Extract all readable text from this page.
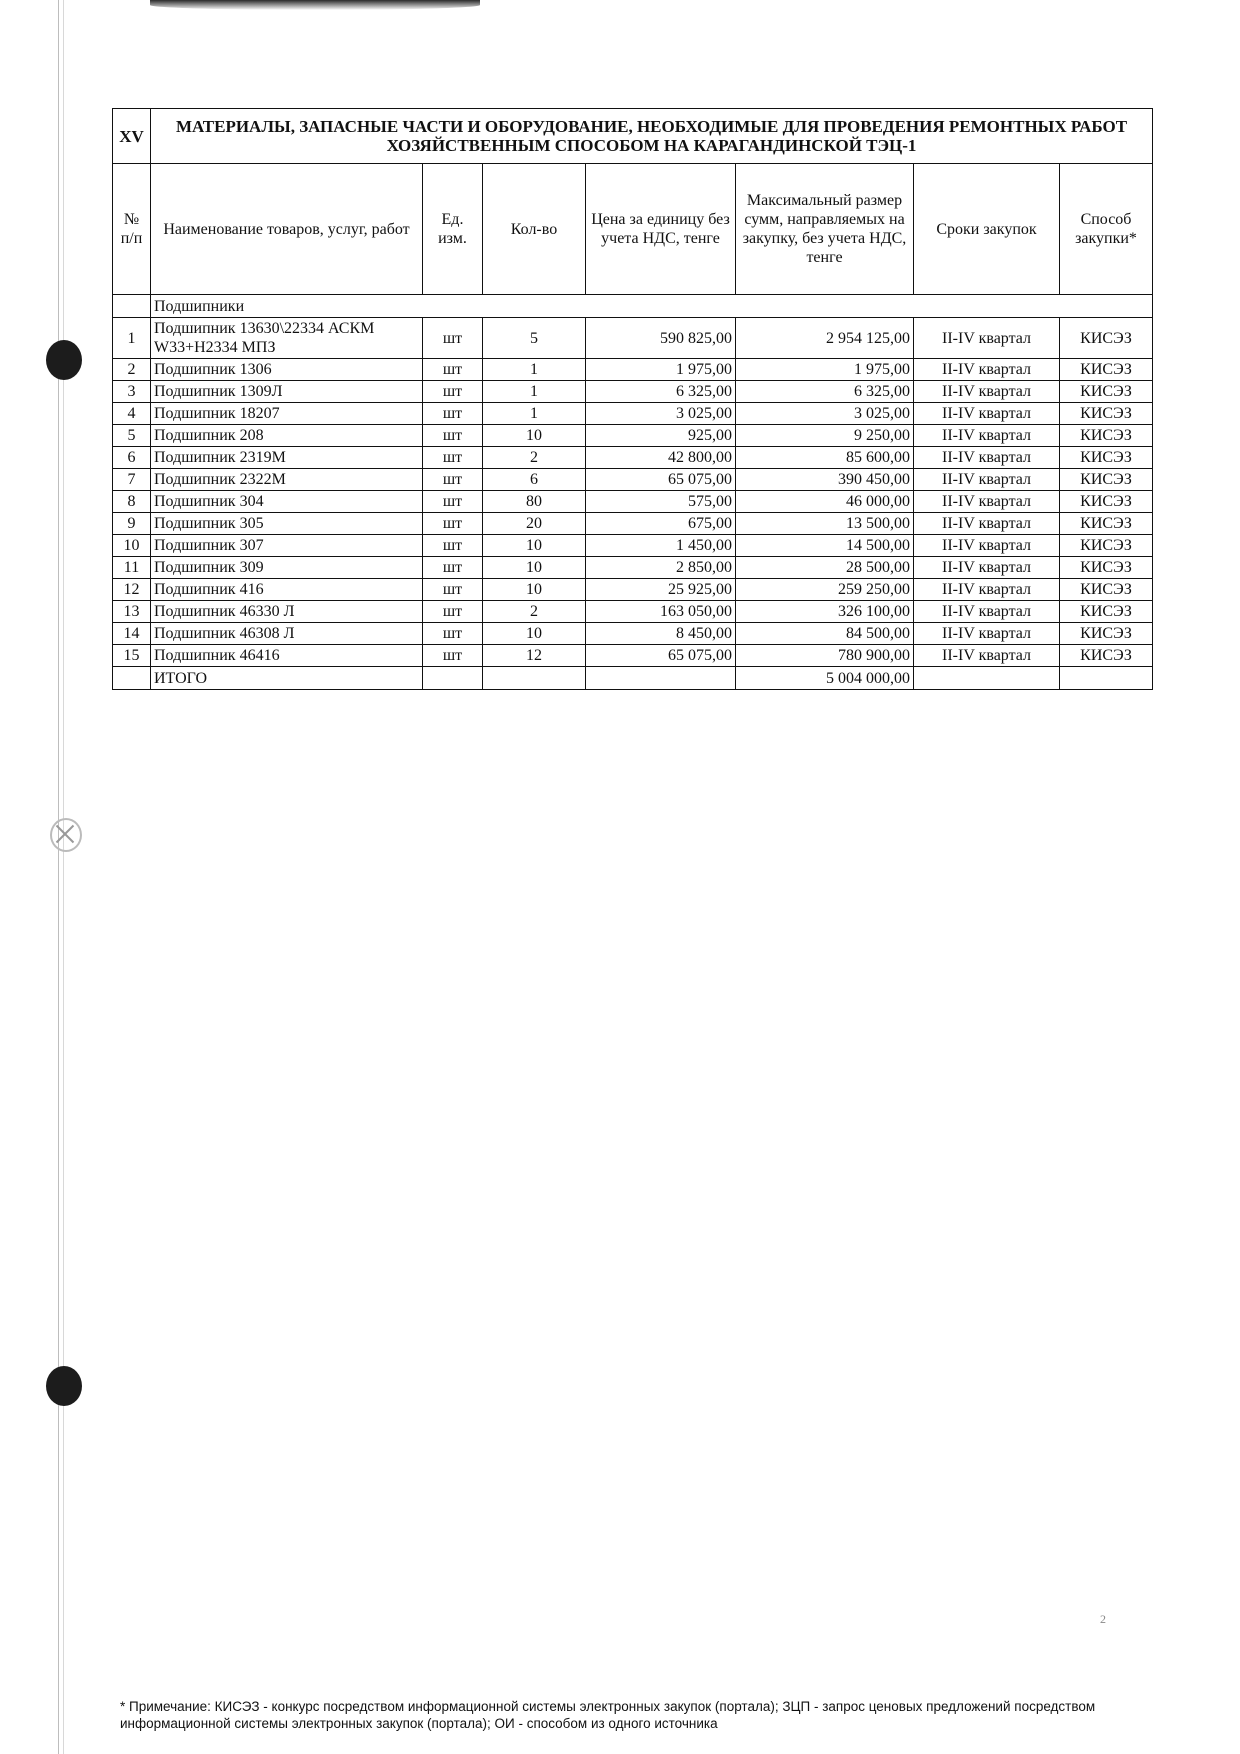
XV	МАТЕРИАЛЫ, ЗАПАСНЫЕ ЧАСТИ И ОБОРУДОВАНИЕ, НЕОБХОДИМЫЕ ДЛЯ ПРОВЕДЕНИЯ РЕМОНТНЫХ РАБОТ ХОЗЯЙСТВЕННЫМ СПОСОБОМ НА КАРАГАНДИНСКОЙ ТЭЦ-1						
№ п/п	Наименование товаров, услуг, работ	Ед. изм.	Кол-во	Цена за единицу без учета НДС, тенге	Максимальный размер сумм, направляемых на закупку, без учета НДС, тенге	Сроки закупок	Способ закупки*
	Подшипники						
1	Подшипник 13630\22334 АСКМ W33+Н2334 МПЗ	шт	5	590 825,00	2 954 125,00	II-IV квартал	КИСЭЗ
2	Подшипник 1306	шт	1	1 975,00	1 975,00	II-IV квартал	КИСЭЗ
3	Подшипник 1309Л	шт	1	6 325,00	6 325,00	II-IV квартал	КИСЭЗ
4	Подшипник 18207	шт	1	3 025,00	3 025,00	II-IV квартал	КИСЭЗ
5	Подшипник 208	шт	10	925,00	9 250,00	II-IV квартал	КИСЭЗ
6	Подшипник 2319М	шт	2	42 800,00	85 600,00	II-IV квартал	КИСЭЗ
7	Подшипник 2322М	шт	6	65 075,00	390 450,00	II-IV квартал	КИСЭЗ
8	Подшипник 304	шт	80	575,00	46 000,00	II-IV квартал	КИСЭЗ
9	Подшипник 305	шт	20	675,00	13 500,00	II-IV квартал	КИСЭЗ
10	Подшипник 307	шт	10	1 450,00	14 500,00	II-IV квартал	КИСЭЗ
11	Подшипник 309	шт	10	2 850,00	28 500,00	II-IV квартал	КИСЭЗ
12	Подшипник 416	шт	10	25 925,00	259 250,00	II-IV квартал	КИСЭЗ
13	Подшипник 46330 Л	шт	2	163 050,00	326 100,00	II-IV квартал	КИСЭЗ
14	Подшипник 46308 Л	шт	10	8 450,00	84 500,00	II-IV квартал	КИСЭЗ
15	Подшипник 46416	шт	12	65 075,00	780 900,00	II-IV квартал	КИСЭЗ
	ИТОГО				5 004 000,00		
2
* Примечание: КИСЭЗ - конкурс посредством информационной системы электронных закупок (портала); ЗЦП - запрос ценовых предложений посредством информационной системы электронных закупок (портала); ОИ - способом из одного источника
